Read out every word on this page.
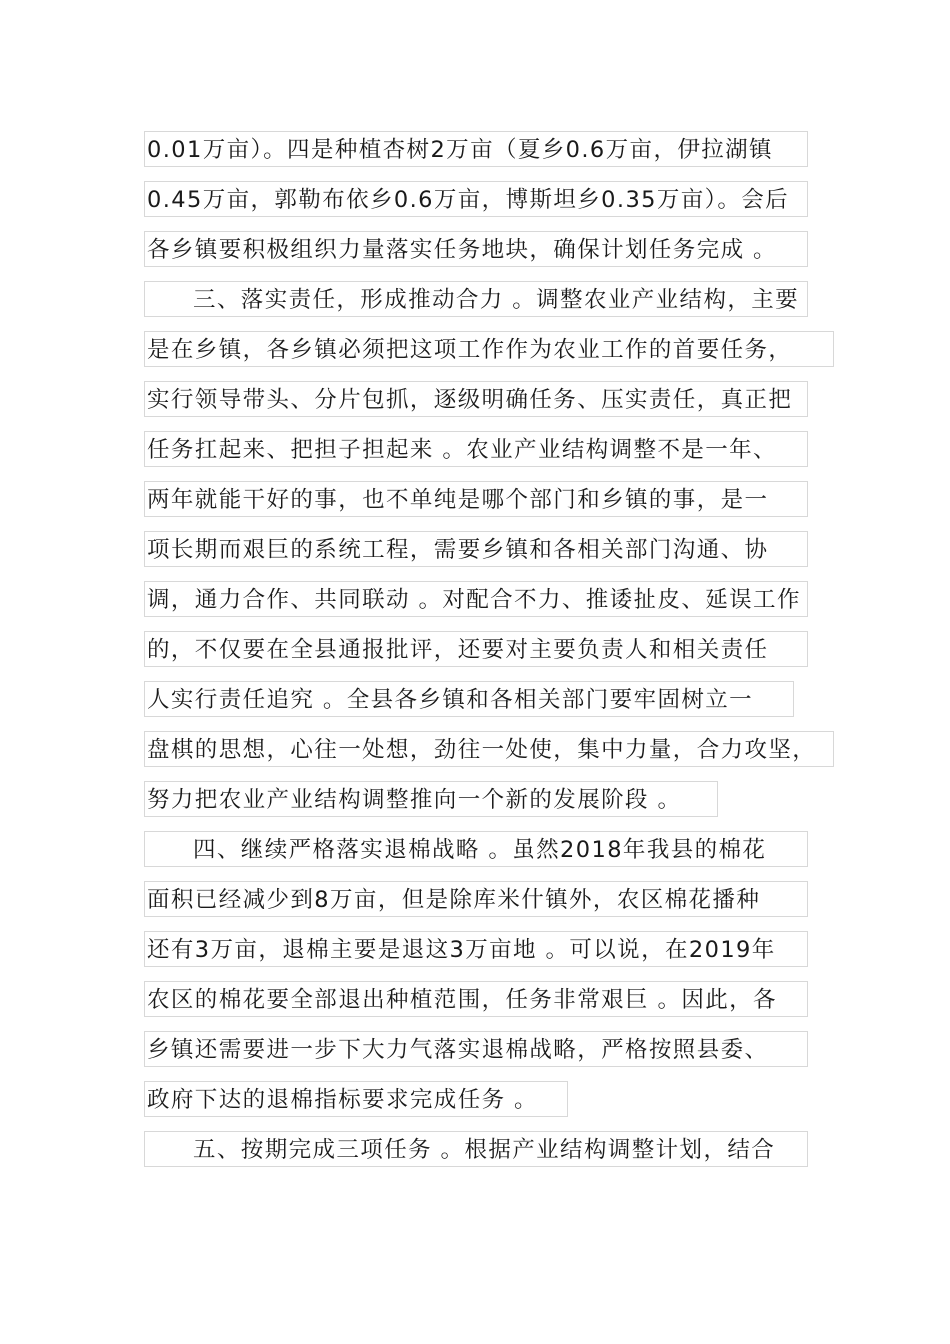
0.01万亩）。四是种植杏树2万亩（夏乡0.6万亩，伊拉湖镇
0.45万亩，郭勒布依乡0.6万亩，博斯坦乡0.35万亩）。会后
各乡镇要积极组织力量落实任务地块，确保计划任务完成 。
三、落实责任，形成推动合力 。调整农业产业结构，主要
是在乡镇，各乡镇必须把这项工作作为农业工作的首要任务，
实行领导带头、分片包抓，逐级明确任务、压实责任，真正把
任务扛起来、把担子担起来 。农业产业结构调整不是一年、
两年就能干好的事，也不单纯是哪个部门和乡镇的事，是一
项长期而艰巨的系统工程，需要乡镇和各相关部门沟通、协
调，通力合作、共同联动 。对配合不力、推诿扯皮、延误工作
的，不仅要在全县通报批评，还要对主要负责人和相关责任
人实行责任追究 。全县各乡镇和各相关部门要牢固树立一
盘棋的思想，心往一处想，劲往一处使，集中力量，合力攻坚，
努力把农业产业结构调整推向一个新的发展阶段 。
四、继续严格落实退棉战略 。虽然2018年我县的棉花
面积已经减少到8万亩，但是除库米什镇外，农区棉花播种
还有3万亩，退棉主要是退这3万亩地 。可以说，在2019年
农区的棉花要全部退出种植范围，任务非常艰巨 。因此，各
乡镇还需要进一步下大力气落实退棉战略，严格按照县委、
政府下达的退棉指标要求完成任务 。
五、按期完成三项任务 。根据产业结构调整计划，结合
